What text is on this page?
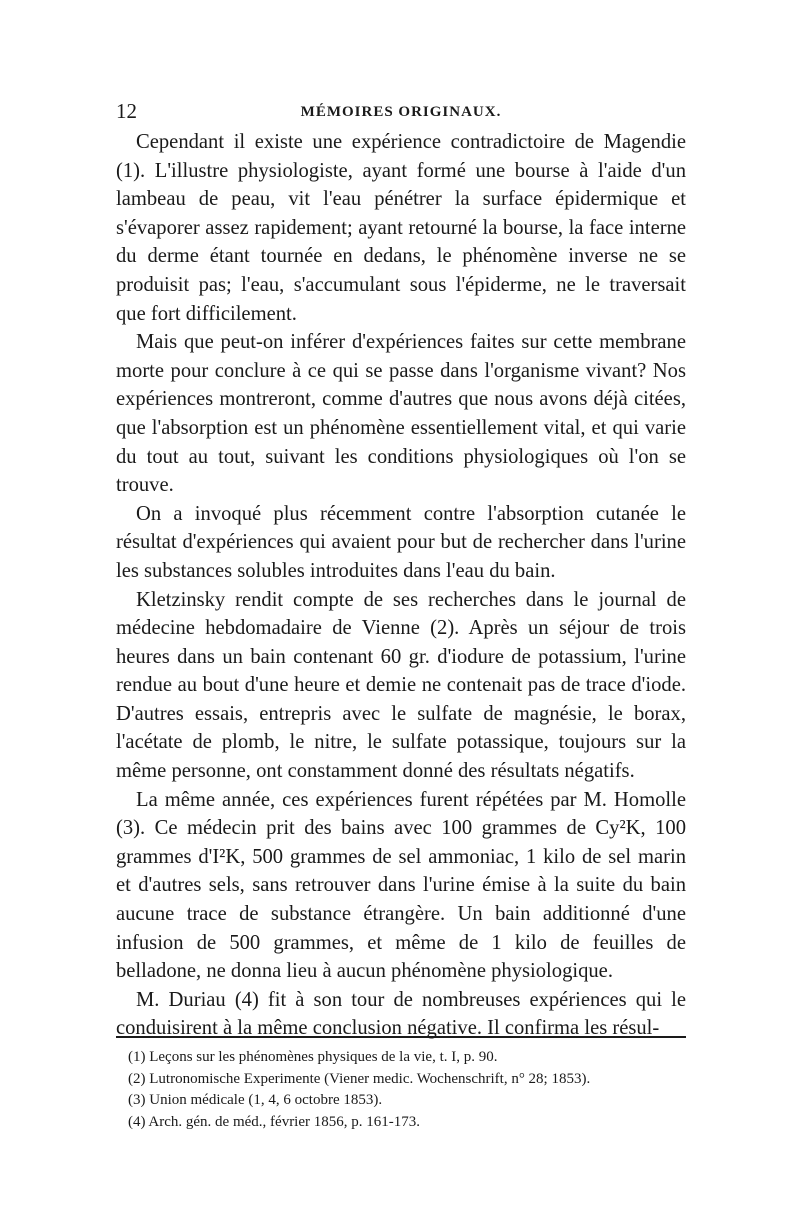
12	MÉMOIRES ORIGINAUX.

Cependant il existe une expérience contradictoire de Magendie (1). L'illustre physiologiste, ayant formé une bourse à l'aide d'un lambeau de peau, vit l'eau pénétrer la surface épidermique et s'évaporer assez rapidement; ayant retourné la bourse, la face interne du derme étant tournée en dedans, le phénomène inverse ne se produisit pas; l'eau, s'accumulant sous l'épiderme, ne le traversait que fort difficilement.

Mais que peut-on inférer d'expériences faites sur cette membrane morte pour conclure à ce qui se passe dans l'organisme vivant? Nos expériences montreront, comme d'autres que nous avons déjà citées, que l'absorption est un phénomène essentiellement vital, et qui varie du tout au tout, suivant les conditions physiologiques où l'on se trouve.

On a invoqué plus récemment contre l'absorption cutanée le résultat d'expériences qui avaient pour but de rechercher dans l'urine les substances solubles introduites dans l'eau du bain.

Kletzinsky rendit compte de ses recherches dans le journal de médecine hebdomadaire de Vienne (2). Après un séjour de trois heures dans un bain contenant 60 gr. d'iodure de potassium, l'urine rendue au bout d'une heure et demie ne contenait pas de trace d'iode. D'autres essais, entrepris avec le sulfate de magnésie, le borax, l'acétate de plomb, le nitre, le sulfate potassique, toujours sur la même personne, ont constamment donné des résultats négatifs.

La même année, ces expériences furent répétées par M. Homolle (3). Ce médecin prit des bains avec 100 grammes de Cy²K, 100 grammes d'I²K, 500 grammes de sel ammoniac, 1 kilo de sel marin et d'autres sels, sans retrouver dans l'urine émise à la suite du bain aucune trace de substance étrangère. Un bain additionné d'une infusion de 500 grammes, et même de 1 kilo de feuilles de belladone, ne donna lieu à aucun phénomène physiologique.

M. Duriau (4) fit à son tour de nombreuses expériences qui le conduisirent à la même conclusion négative. Il confirma les résul-

(1) Leçons sur les phénomènes physiques de la vie, t. I, p. 90.

(2) Lutronomische Experimente (Viener medic. Wochenschrift, n° 28; 1853).

(3) Union médicale (1, 4, 6 octobre 1853).

(4) Arch. gén. de méd., février 1856, p. 161-173.
